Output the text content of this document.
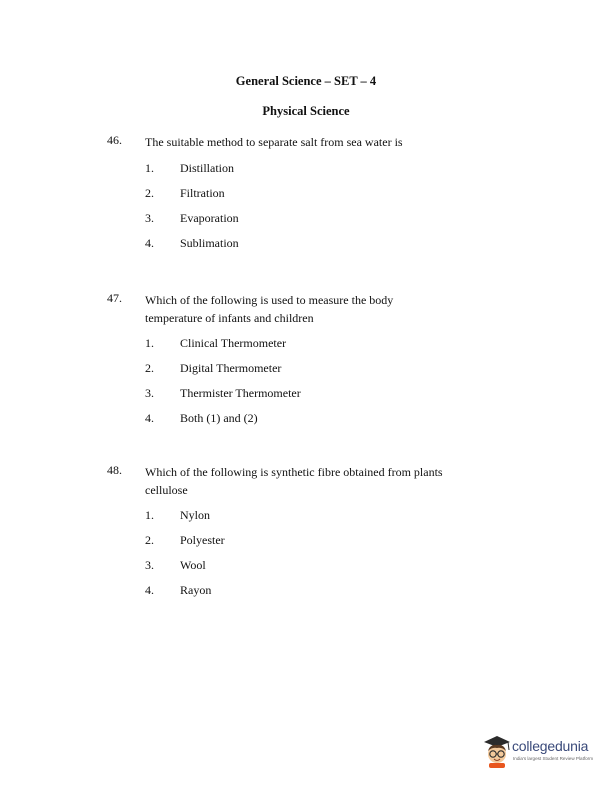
General Science – SET – 4
Physical Science
46. The suitable method to separate salt from sea water is
1. Distillation
2. Filtration
3. Evaporation
4. Sublimation
47. Which of the following is used to measure the body temperature of infants and children
1. Clinical Thermometer
2. Digital Thermometer
3. Thermister Thermometer
4. Both (1) and (2)
48. Which of the following is synthetic fibre obtained from plants cellulose
1. Nylon
2. Polyester
3. Wool
4. Rayon
collegedunia
India's largest Student Review Platform
